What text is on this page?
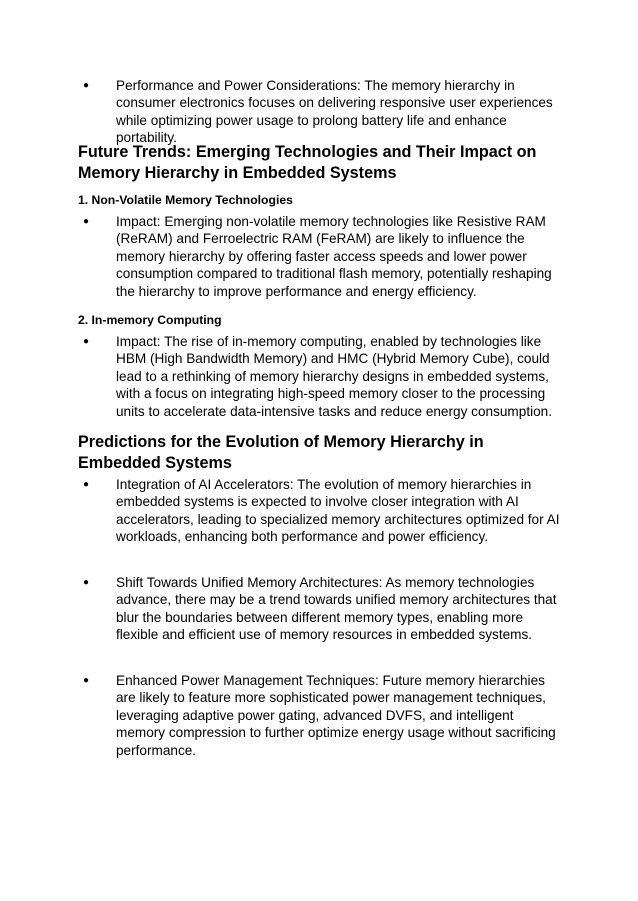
●	Performance and Power Considerations: The memory hierarchy in consumer electronics focuses on delivering responsive user experiences while optimizing power usage to prolong battery life and enhance portability.
Future Trends: Emerging Technologies and Their Impact on Memory Hierarchy in Embedded Systems
1. Non-Volatile Memory Technologies
●	Impact: Emerging non-volatile memory technologies like Resistive RAM (ReRAM) and Ferroelectric RAM (FeRAM) are likely to influence the memory hierarchy by offering faster access speeds and lower power consumption compared to traditional flash memory, potentially reshaping the hierarchy to improve performance and energy efficiency.
2. In-memory Computing
●	Impact: The rise of in-memory computing, enabled by technologies like HBM (High Bandwidth Memory) and HMC (Hybrid Memory Cube), could lead to a rethinking of memory hierarchy designs in embedded systems, with a focus on integrating high-speed memory closer to the processing units to accelerate data-intensive tasks and reduce energy consumption.
Predictions for the Evolution of Memory Hierarchy in Embedded Systems
●	Integration of AI Accelerators: The evolution of memory hierarchies in embedded systems is expected to involve closer integration with AI accelerators, leading to specialized memory architectures optimized for AI workloads, enhancing both performance and power efficiency.
●	Shift Towards Unified Memory Architectures: As memory technologies advance, there may be a trend towards unified memory architectures that blur the boundaries between different memory types, enabling more flexible and efficient use of memory resources in embedded systems.
●	Enhanced Power Management Techniques: Future memory hierarchies are likely to feature more sophisticated power management techniques, leveraging adaptive power gating, advanced DVFS, and intelligent memory compression to further optimize energy usage without sacrificing performance.
